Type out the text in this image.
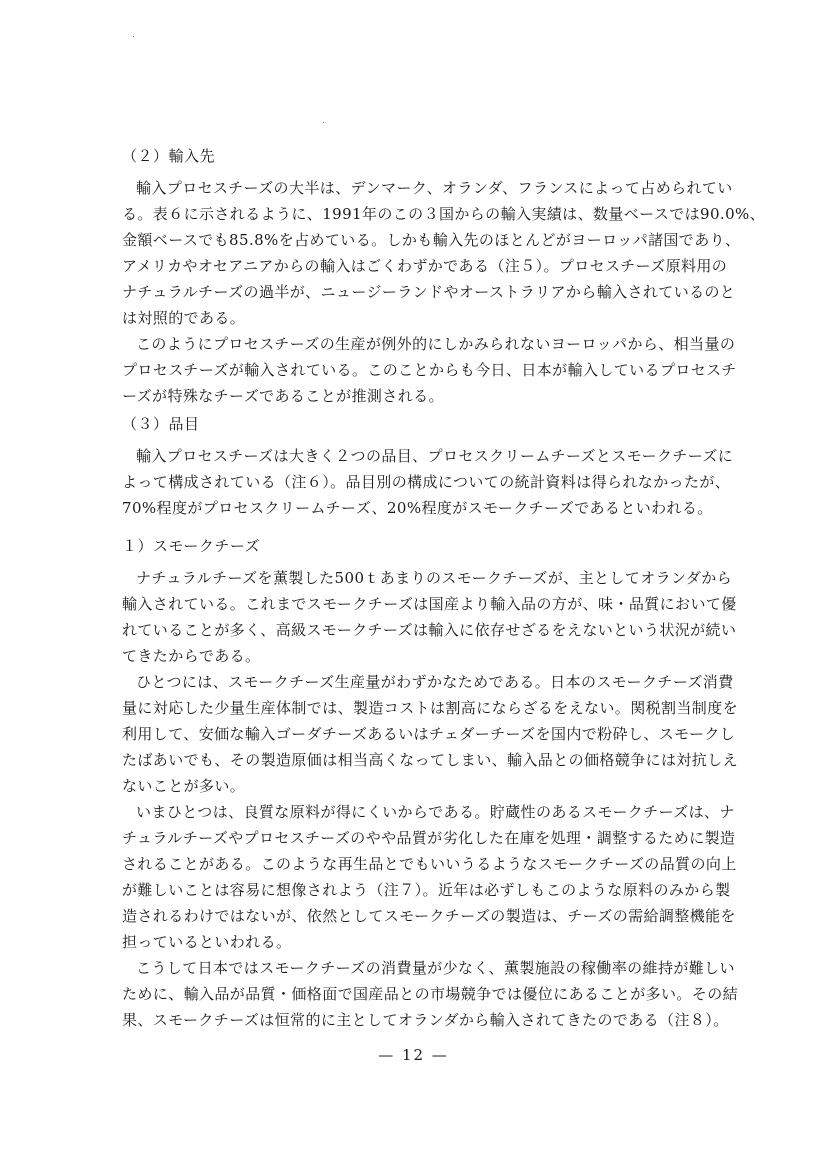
（２）輸入先
輸入プロセスチーズの大半は、デンマーク、オランダ、フランスによって占められてい
る。表６に示されるように、1991年のこの３国からの輸入実績は、数量ベースでは90.0%、
金額ベースでも85.8%を占めている。しかも輸入先のほとんどがヨーロッパ諸国であり、
アメリカやオセアニアからの輸入はごくわずかである（注５）。プロセスチーズ原料用の
ナチュラルチーズの過半が、ニュージーランドやオーストラリアから輸入されているのと
は対照的である。
このようにプロセスチーズの生産が例外的にしかみられないヨーロッパから、相当量の
プロセスチーズが輸入されている。このことからも今日、日本が輸入しているプロセスチ
ーズが特殊なチーズであることが推測される。
（３）品目
輸入プロセスチーズは大きく２つの品目、プロセスクリームチーズとスモークチーズに
よって構成されている（注６）。品目別の構成についての統計資料は得られなかったが、
70%程度がプロセスクリームチーズ、20%程度がスモークチーズであるといわれる。
１）スモークチーズ
ナチュラルチーズを薫製した500ｔあまりのスモークチーズが、主としてオランダから
輸入されている。これまでスモークチーズは国産より輸入品の方が、味・品質において優
れていることが多く、高級スモークチーズは輸入に依存せざるをえないという状況が続い
てきたからである。
ひとつには、スモークチーズ生産量がわずかなためである。日本のスモークチーズ消費
量に対応した少量生産体制では、製造コストは割高にならざるをえない。関税割当制度を
利用して、安価な輸入ゴーダチーズあるいはチェダーチーズを国内で粉砕し、スモークし
たばあいでも、その製造原価は相当高くなってしまい、輸入品との価格競争には対抗しえ
ないことが多い。
いまひとつは、良質な原料が得にくいからである。貯蔵性のあるスモークチーズは、ナ
チュラルチーズやプロセスチーズのやや品質が劣化した在庫を処理・調整するために製造
されることがある。このような再生品とでもいいうるようなスモークチーズの品質の向上
が難しいことは容易に想像されよう（注７）。近年は必ずしもこのような原料のみから製
造されるわけではないが、依然としてスモークチーズの製造は、チーズの需給調整機能を
担っているといわれる。
こうして日本ではスモークチーズの消費量が少なく、薫製施設の稼働率の維持が難しい
ために、輸入品が品質・価格面で国産品との市場競争では優位にあることが多い。その結
果、スモークチーズは恒常的に主としてオランダから輸入されてきたのである（注８）。
— 12 —
